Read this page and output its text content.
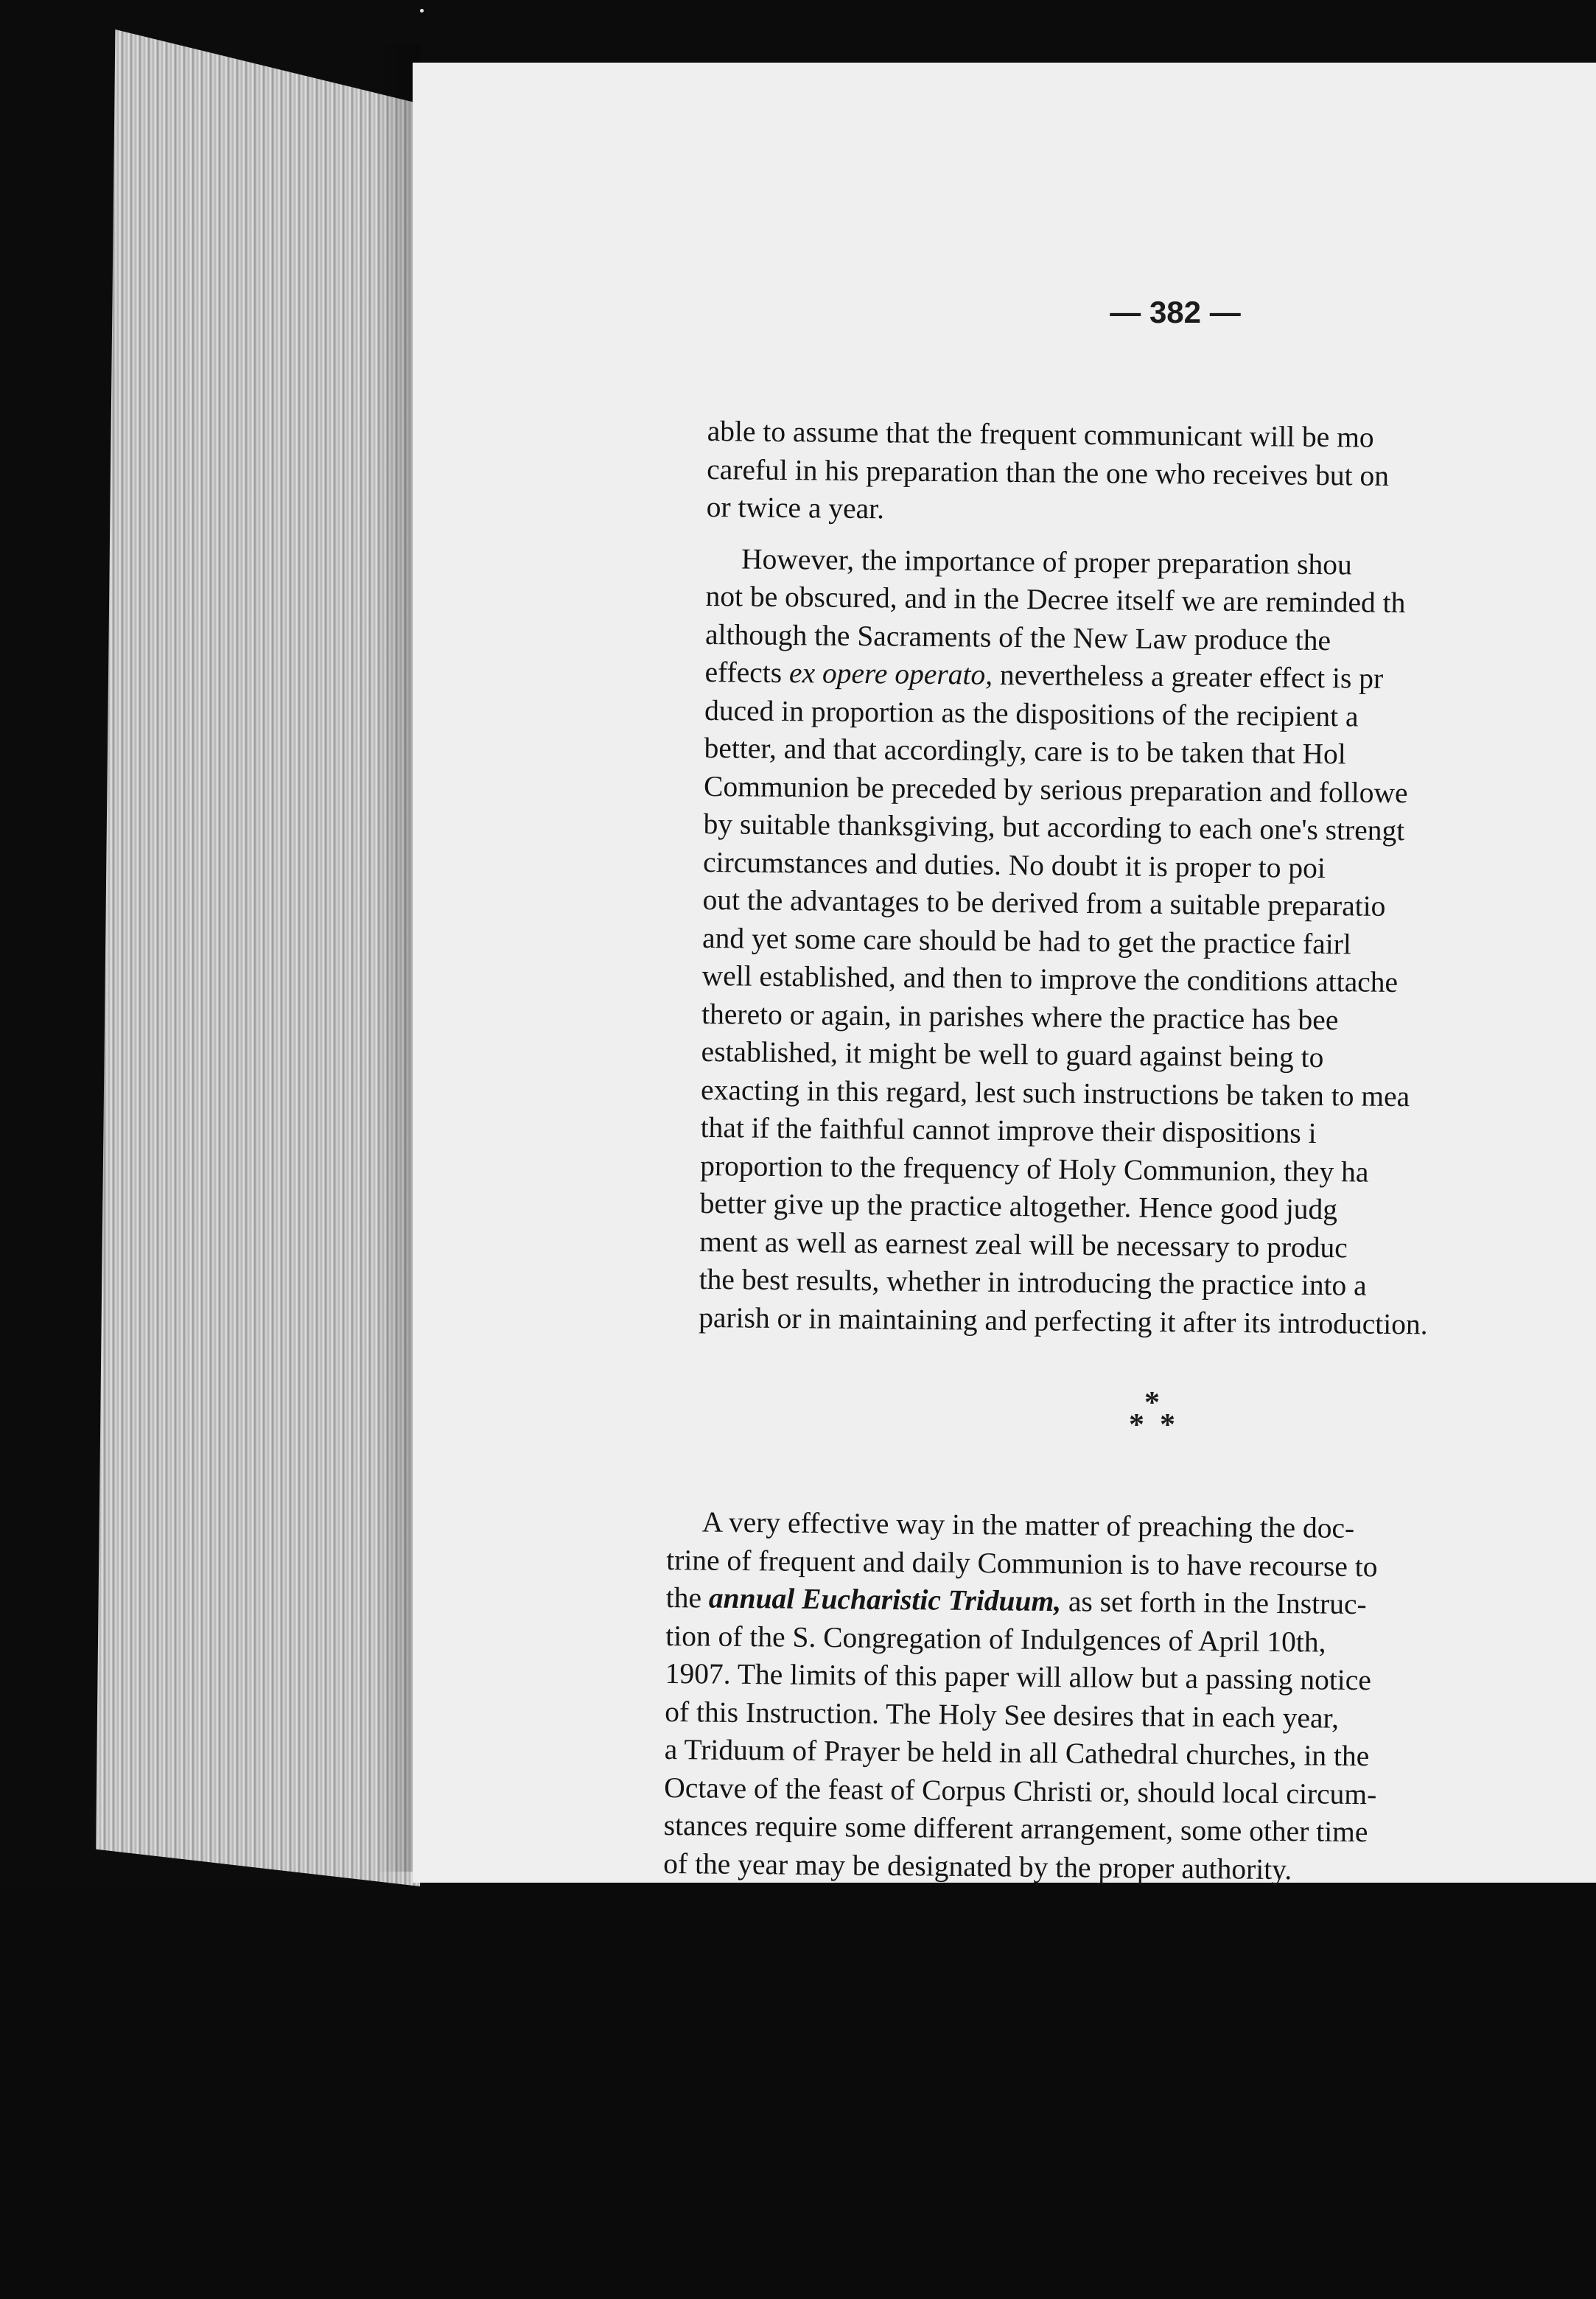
— 382 —

able to assume that the frequent communicant will be mo
careful in his preparation than the one who receives but on
or twice a year.

However, the importance of proper preparation shou
not be obscured, and in the Decree itself we are reminded th
although the Sacraments of the New Law produce the
effects ex opere operato, nevertheless a greater effect is pr
duced in proportion as the dispositions of the recipient a
better, and that accordingly, care is to be taken that Hol
Communion be preceded by serious preparation and followe
by suitable thanksgiving, but according to each one's strengt
circumstances and duties. No doubt it is proper to poi
out the advantages to be derived from a suitable preparatio
and yet some care should be had to get the practice fairl
well established, and then to improve the conditions attache
thereto or again, in parishes where the practice has bee
established, it might be well to guard against being to
exacting in this regard, lest such instructions be taken to mea
that if the faithful cannot improve their dispositions i
proportion to the frequency of Holy Communion, they ha
better give up the practice altogether. Hence good judg
ment as well as earnest zeal will be necessary to produc
the best results, whether in introducing the practice into a
parish or in maintaining and perfecting it after its introduction.

*
* *

A very effective way in the matter of preaching the doc-
trine of frequent and daily Communion is to have recourse to
the annual Eucharistic Triduum, as set forth in the Instruc-
tion of the S. Congregation of Indulgences of April 10th,
1907. The limits of this paper will allow but a passing notice
of this Instruction. The Holy See desires that in each year,
a Triduum of Prayer be held in all Cathedral churches, in the
Octave of the feast of Corpus Christi or, should local circum-
stances require some different arrangement, some other time
of the year may be designated by the proper authority.
